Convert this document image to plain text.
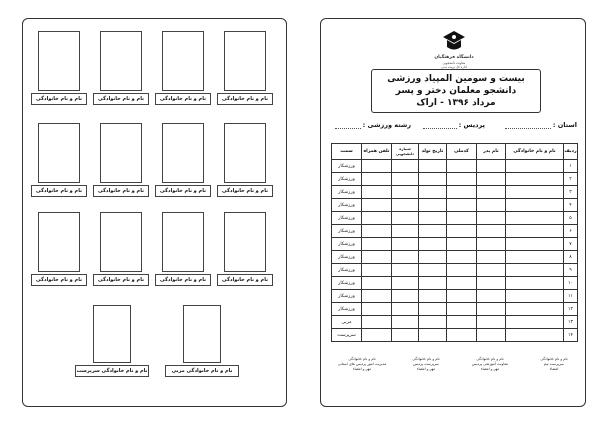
نام و نام خانوادگی	نام و نام خانوادگی	نام و نام خانوادگی	نام و نام خانوادگی
نام و نام خانوادگی	نام و نام خانوادگی	نام و نام خانوادگی	نام و نام خانوادگی
نام و نام خانوادگی	نام و نام خانوادگی	نام و نام خانوادگی	نام و نام خانوادگی
نام و نام خانوادگی سرپرست	نام و نام خانوادگی مربی
دانشگاه فرهنگیان
معاونت دانشجویی
اداره کل تربیت بدنی
بیست و سومین المپیاد ورزشی
دانشجو معلمان دختر و پسر
مرداد ۱۳۹۶ - اراک
استان :
پردیس :
رشته ورزشی :
ردیف	نام و نام خانوادگی	نام پدر	کدملی	تاریخ تولد	شماره دانشجویی	تلفن همراه	سمت
۱							ورزشکار
۲							ورزشکار
۳							ورزشکار
۴							ورزشکار
۵							ورزشکار
۶							ورزشکار
۷							ورزشکار
۸							ورزشکار
۹							ورزشکار
۱۰							ورزشکار
۱۱							ورزشکار
۱۲							ورزشکار
۱۳							مربی
۱۴							سرپرست
نام و نام خانوادگی
سرپرست تیم
امضاء
نام و نام خانوادگی
معاونت آموزشی پردیس
مهر و امضاء
نام و نام خانوادگی
سرپرست پردیس
مهر و امضاء
نام و نام خانوادگی
مدیریت امور پردیس های استانی
مهر و امضاء
